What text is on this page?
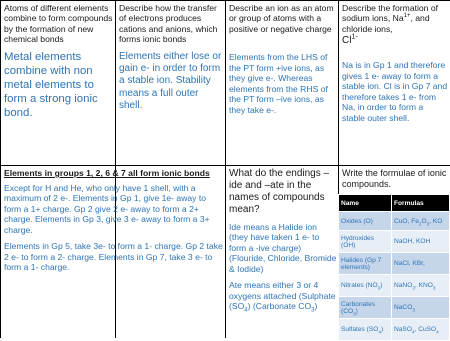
Atoms of different elements combine to form compounds by the formation of new chemical bonds

Metal elements combine with non metal elements to form a strong ionic bond.

Describe how the transfer of electrons produces cations and anions, which forms ionic bonds

Elements either lose or gain e- in order to form a stable ion. Stability means a full outer shell.

Describe an ion as an atom or group of atoms with a positive or negative charge

Elements from the LHS of the PT form +ive ions, as they give e-. Whereas elements from the RHS of the PT form –ive ions, as they take e-.

Describe the formation of sodium ions, $Na^{1+}$, and chloride ions,

$Cl^{1-}$

Na is in Gp 1 and therefore gives 1 e- away to form a stable ion. Cl is in Gp 7 and therefore takes 1 e- from Na, in order to form a stable outer shell.

Elements in groups 1, 2, 6 & 7 all form ionic bonds

Except for H and He, who only have 1 shell, with a maximum of 2 e-. Elements in Gp 1, give 1e- away to form a 1+ charge. Gp 2 give 2 e- away to form a 2+ charge. Elements in Gp 3, give 3 e- away to form a 3+ charge.

Elements in Gp 5, take 3e- to form a 1- charge. Gp 2 take 2 e- to form a 2- charge. Elements in Gp 7, take 3 e- to form a 1- charge.

What do the endings – ide and –ate in the names of compounds mean?

Ide means a Halide ion (they have taken 1 e- to form a -ive charge) (Flouride, Chloride, Bromide & Iodide)

Ate means either 3 or 4 oxygens attached (Sulphate $(SO_4)$ (Carbonate $CO_3$)

Write the formulae of ionic compounds.

Name	Formulas
Oxides (O)	CuO, $Fe_2O_3$, KO
Hydroxides (OH)	NaOH, KOH
Halides (Gp 7 elements)	NaCl, KBr,
Nitrates $(NO_3)$	NaNO$_3$, $KNO_3$
Carbonates $(CO_3)$	NaCO$_3$
Sulfates $(SO_4)$	NaSO$_4$, CuSO$_4$
